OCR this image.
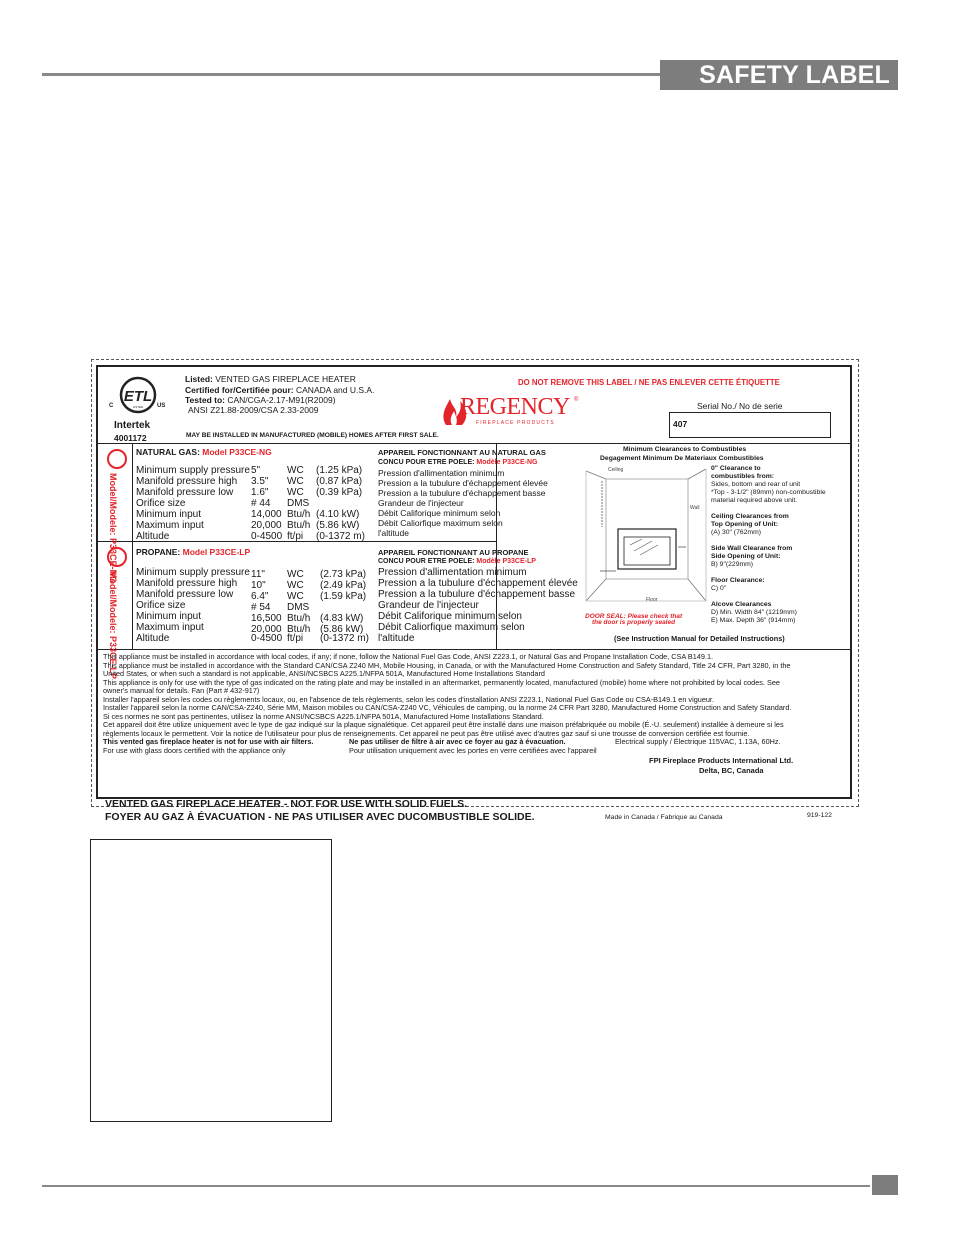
SAFETY LABEL
ETL
LISTED
C	US
Intertek
4001172
Listed: VENTED GAS FIREPLACE HEATER
Certified for/Certifiée pour: CANADA and U.S.A.
Tested to: CAN/CGA-2.17-M91(R2009)
ANSI Z21.88-2009/CSA 2.33-2009
MAY BE INSTALLED IN MANUFACTURED (MOBILE) HOMES AFTER FIRST SALE.
DO NOT REMOVE THIS LABEL / NE PAS ENLEVER CETTE ÉTIQUETTE
REGENCY ®
FIREPLACE PRODUCTS
Serial No./ No de serie
407
Model/Modele: P33CE-NG
Model/Modele: P33CE-LP
NATURAL GAS: Model P33CE-NG
Minimum supply pressure 5"	WC (1.25 kPa)
Manifold pressure high 3.5" WC (0.87 kPa)
Manifold pressure low 1.6" WC (0.39 kPa)
Orifice size	# 44 DMS
Minimum input	14,000 Btu/h (4.10 kW)
Maximum input	20,000 Btu/h (5.86 kW)
Altitude	0-4500 ft/pi (0-1372 m)
APPAREIL FONCTIONNANT AU NATURAL GAS
CONCU POUR ETRE POELE: Modèle P33CE-NG
Pression d'allimentation minimum
Pression a la tubulure d'échappement élevée
Pression a la tubulure d'échappement basse
Grandeur de l'injecteur
Débit Califorique minimum selon
Débit Caliorfique maximum selon
l'altitude
PROPANE: Model P33CE-LP
Minimum supply pressure 11" WC (2.73 kPa)
Manifold pressure high 10" WC (2.49 kPa)
Manifold pressure low 6.4" WC (1.59 kPa)
Orifice size	# 54 DMS
Minimum input	16,500 Btu/h (4.83 kW)
Maximum input	20,000 Btu/h (5.86 kW)
Altitude	0-4500 ft/pi (0-1372 m)
APPAREIL FONCTIONNANT AU PROPANE
CONCU POUR ETRE POELE: Modèle P33CE-LP
Pression d'allimentation minimum
Pression a la tubulure d'échappement élevée
Pression a la tubulure d'échappement basse
Grandeur de l'injecteur
Débit Califorique minimum selon
Débit Caliorfique maximum selon
l'altitude
Minimum Clearances to Combustibles
Degagement Minimum De Materiaux Combustibles
Ceiling
Wall
Floor
DOOR SEAL: Please check that
the door is properly sealed
0" Clearance to
combustibles from:
Sides, bottom and rear of unit
*Top - 3-1/2" (89mm) non-combustible
material required above unit.
Ceiling Clearances from
Top Opening of Unit:
(A) 30" (762mm)
Side Wall Clearance from
Side Opening of Unit:
B) 9"(229mm)
Floor Clearance:
C) 0"
Alcove Clearances
D) Min. Width 84" (1219mm)
E) Max. Depth 36" (914mm)
(See Instruction Manual for Detailed Instructions)
This appliance must be installed in accordance with local codes, if any; if none, follow the National Fuel Gas Code, ANSI Z223.1, or Natural Gas and Propane Installation Code, CSA B149.1.
This appliance must be installed in accordance with the Standard CAN/CSA Z240 MH, Mobile Housing, in Canada, or with the Manufactured Home Construction and Safety Standard, Title 24 CFR, Part 3280, in the
United States, or when such a standard is not applicable, ANSI/NCSBCS A225.1/NFPA 501A, Manufactured Home Installations Standard
This appliance is only for use with the type of gas indicated on the rating plate and may be installed in an aftermarket, permanently located, manufactured (mobile) home where not prohibited by local codes. See
owner's manual for details. Fan (Part # 432-917)
Installer l'appareil selon les codes ou règlements locaux, ou, en l'absence de tels règlements, selon les codes d'installation ANSI Z223.1, National Fuel Gas Code ou CSA-B149.1 en vigueur.
Installer l'appareil selon la norme CAN/CSA-Z240, Série MM, Maison mobiles ou CAN/CSA-Z240 VC, Véhicules de camping, ou la norme 24 CFR Part 3280, Manufactured Home Construction and Safety Standard.
Si ces normes ne sont pas pertinentes, utilisez la norme ANSI/NCSBCS A225.1/NFPA 501A, Manufactured Home Installations Standard.
Cet appareil doit être utilize uniquement avec le type de gaz indiqué sur la plaque signalétique. Cet appareil peut être installé dans une maison préfabriquée ou mobile (É.-U. seulement) installée à demeure si les
règlements locaux le permettent. Voir la notice de l'utilisateur pour plus de renseignements. Cet appareil ne peut pas être utilisé avec d'autres gaz sauf si une trousse de conversion certifiée est fournie.
This vented gas fireplace heater is not for use with air filters.	Ne pas utiliser de filtre à air avec ce foyer au gaz à évacuation.	Electrical supply / Électrique 115VAC, 1.13A, 60Hz.
For use with glass doors certified with the appliance only	Pour utilisation uniquement avec les portes en verre certifiées avec l'appareil
FPI Fireplace Products International Ltd.
Delta, BC, Canada
VENTED GAS FIREPLACE HEATER - NOT FOR USE WITH SOLID FUELS.
FOYER AU GAZ À ÉVACUATION - NE PAS UTILISER AVEC DUCOMBUSTIBLE SOLIDE.	Made in Canada / Fabrique au Canada	919-122
